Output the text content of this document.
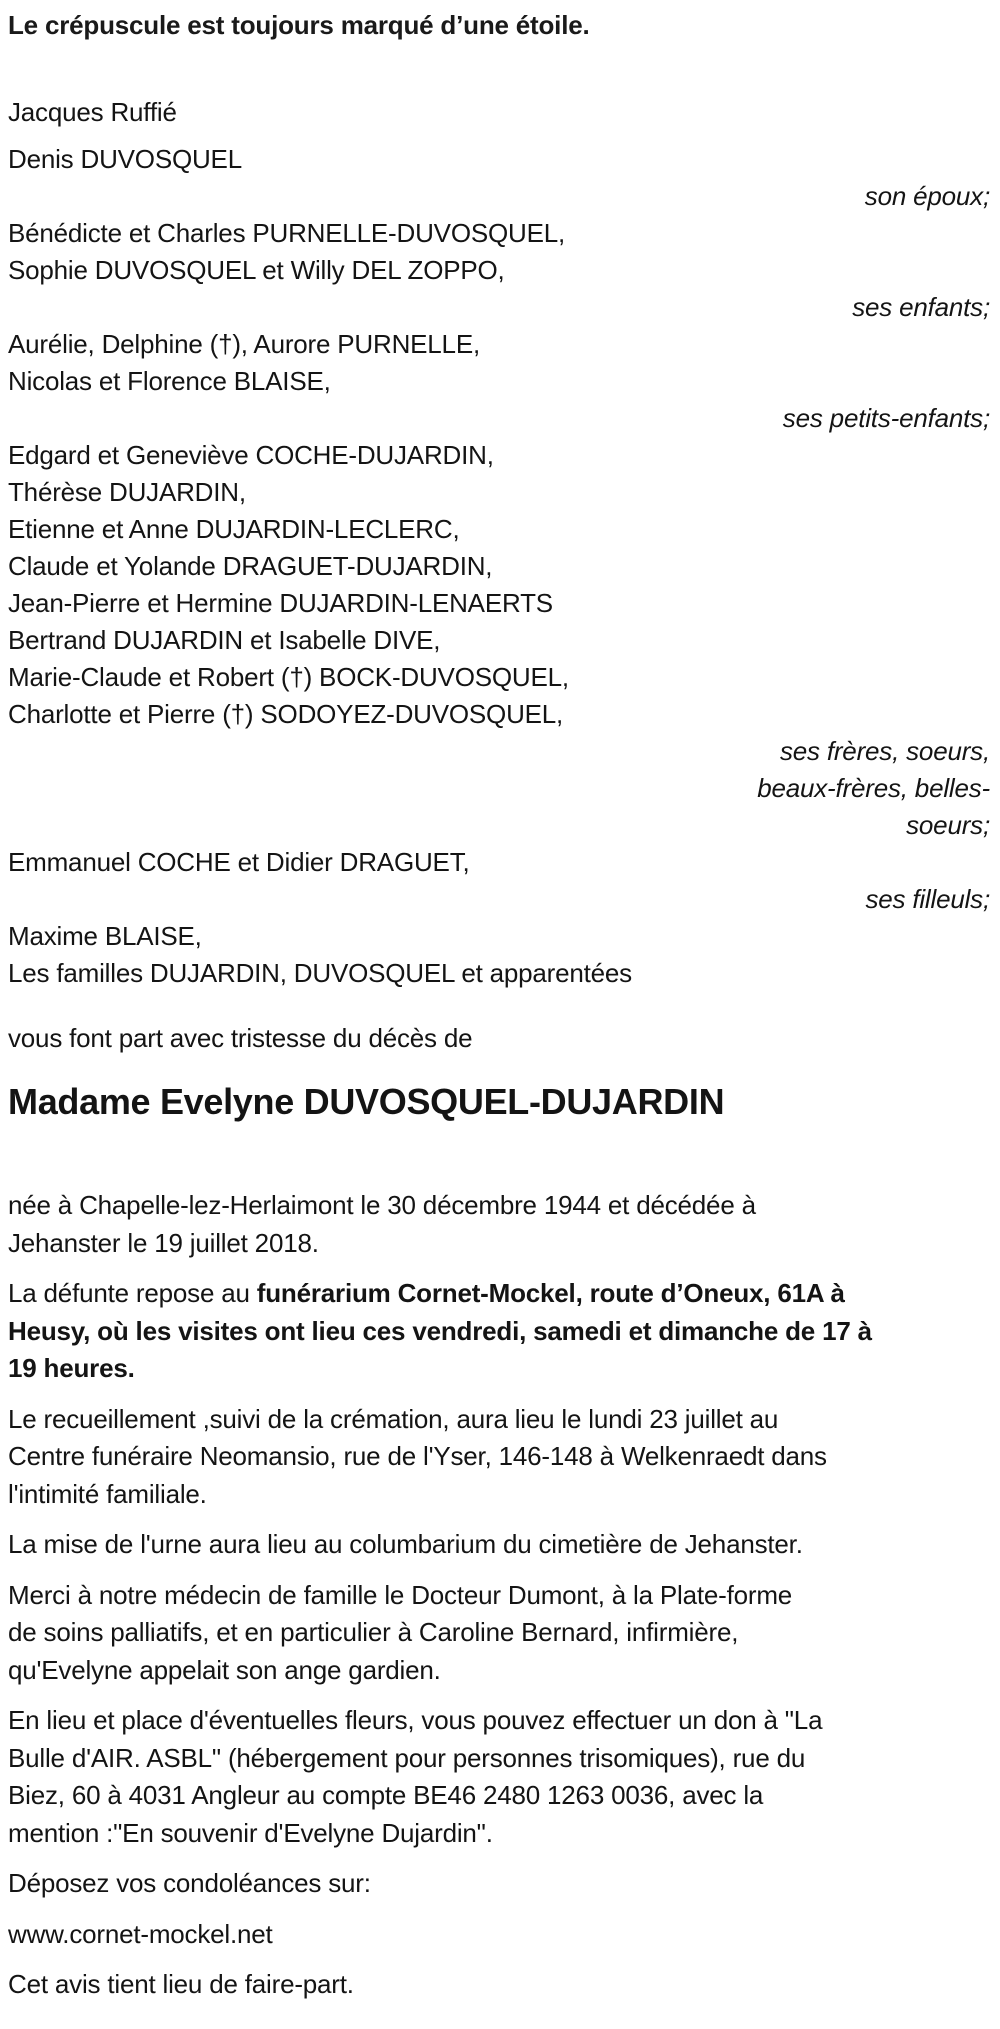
Le crépuscule est toujours marqué d’une étoile.
Jacques Ruffié
Denis DUVOSQUEL
son époux;
Bénédicte et Charles PURNELLE-DUVOSQUEL,
Sophie DUVOSQUEL et Willy DEL ZOPPO,
ses enfants;
Aurélie, Delphine (†), Aurore PURNELLE,
Nicolas et Florence BLAISE,
ses petits-enfants;
Edgard et Geneviève COCHE-DUJARDIN,
Thérèse DUJARDIN,
Etienne et Anne DUJARDIN-LECLERC,
Claude et Yolande DRAGUET-DUJARDIN,
Jean-Pierre et Hermine DUJARDIN-LENAERTS
Bertrand DUJARDIN et Isabelle DIVE,
Marie-Claude et Robert (†) BOCK-DUVOSQUEL,
Charlotte et Pierre (†) SODOYEZ-DUVOSQUEL,
ses frères, soeurs,
beaux-frères, belles-
soeurs;
Emmanuel COCHE et Didier DRAGUET,
ses filleuls;
Maxime BLAISE,
Les familles DUJARDIN, DUVOSQUEL et apparentées
vous font part avec tristesse du décès de
Madame Evelyne DUVOSQUEL-DUJARDIN
née à Chapelle-lez-Herlaimont le 30 décembre 1944 et décédée à
Jehanster le 19 juillet 2018.
La défunte repose au funérarium Cornet-Mockel, route d’Oneux, 61A à
Heusy, où les visites ont lieu ces vendredi, samedi et dimanche de 17 à
19 heures.
Le recueillement ,suivi de la crémation, aura lieu le lundi 23 juillet au
Centre funéraire Neomansio, rue de l'Yser, 146-148 à Welkenraedt dans
l'intimité familiale.
La mise de l'urne aura lieu au columbarium du cimetière de Jehanster.
Merci à notre médecin de famille le Docteur Dumont, à la Plate-forme
de soins palliatifs, et en particulier à Caroline Bernard, infirmière,
qu'Evelyne appelait son ange gardien.
En lieu et place d'éventuelles fleurs, vous pouvez effectuer un don à "La
Bulle d'AIR. ASBL" (hébergement pour personnes trisomiques), rue du
Biez, 60 à 4031 Angleur au compte BE46 2480 1263 0036, avec la
mention :"En souvenir d'Evelyne Dujardin".
Déposez vos condoléances sur:
www.cornet-mockel.net
Cet avis tient lieu de faire-part.
